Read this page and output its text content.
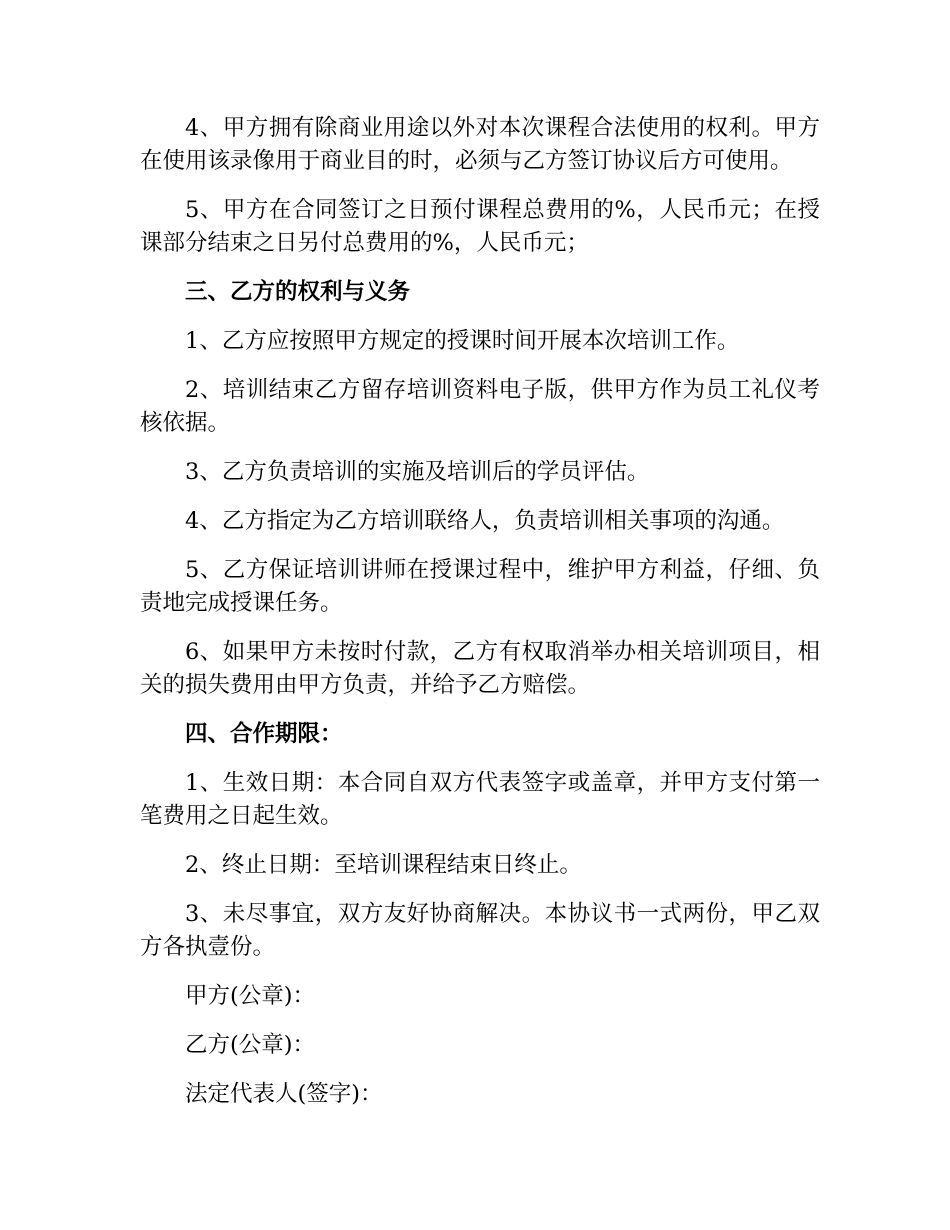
4、甲方拥有除商业用途以外对本次课程合法使用的权利。甲方在使用该录像用于商业目的时，必须与乙方签订协议后方可使用。

5、甲方在合同签订之日预付课程总费用的%，人民币元；在授课部分结束之日另付总费用的%，人民币元；

三、乙方的权利与义务

1、乙方应按照甲方规定的授课时间开展本次培训工作。

2、培训结束乙方留存培训资料电子版，供甲方作为员工礼仪考核依据。

3、乙方负责培训的实施及培训后的学员评估。

4、乙方指定为乙方培训联络人，负责培训相关事项的沟通。

5、乙方保证培训讲师在授课过程中，维护甲方利益，仔细、负责地完成授课任务。

6、如果甲方未按时付款，乙方有权取消举办相关培训项目，相关的损失费用由甲方负责，并给予乙方赔偿。

四、合作期限：

1、生效日期：本合同自双方代表签字或盖章，并甲方支付第一笔费用之日起生效。

2、终止日期：至培训课程结束日终止。

3、未尽事宜，双方友好协商解决。本协议书一式两份，甲乙双方各执壹份。

甲方(公章)：

乙方(公章)：

法定代表人(签字)：
